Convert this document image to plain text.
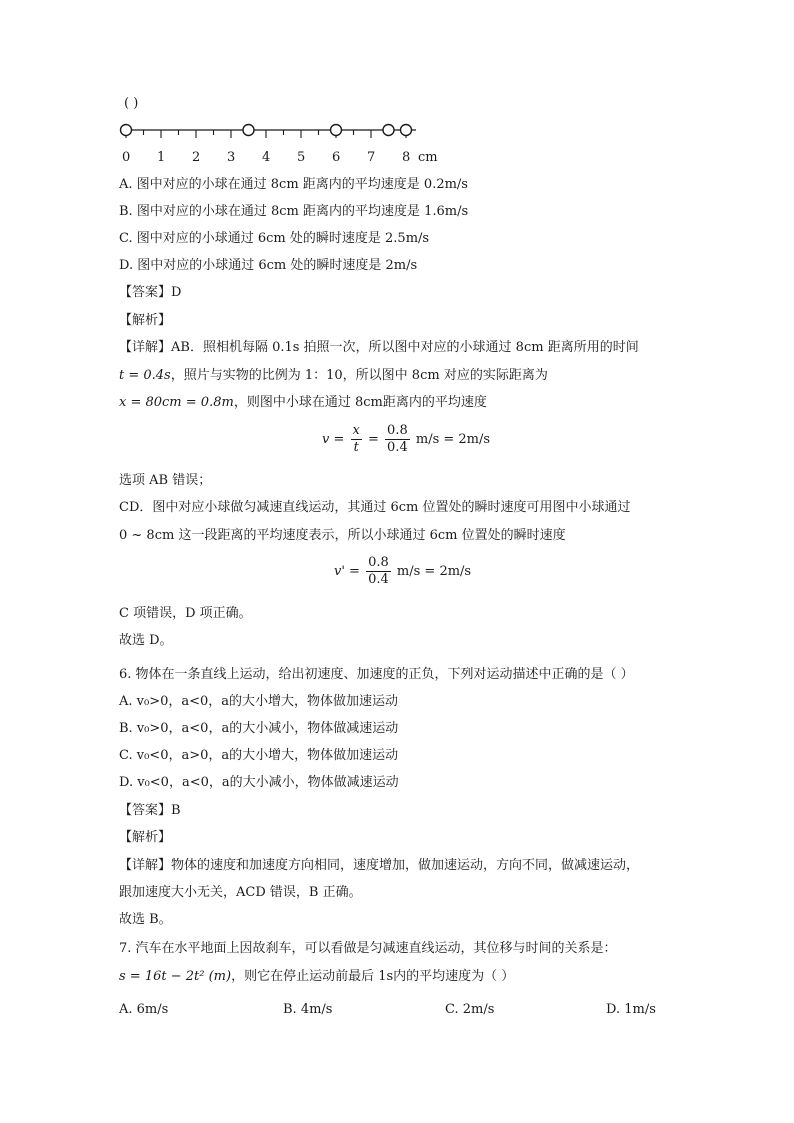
( )
0 1 2 3 4 5 6 7 8 cm
A. 图中对应的小球在通过 8cm 距离内的平均速度是 0.2m/s
B. 图中对应的小球在通过 8cm 距离内的平均速度是 1.6m/s
C. 图中对应的小球通过 6cm 处的瞬时速度是 2.5m/s
D. 图中对应的小球通过 6cm 处的瞬时速度是 2m/s
【答案】D
【解析】
【详解】AB．照相机每隔 0.1s 拍照一次，所以图中对应的小球通过 8cm 距离所用的时间
t = 0.4s，照片与实物的比例为 1：10，所以图中 8cm 对应的实际距离为
x = 80cm = 0.8m，则图中小球在通过 8cm距离内的平均速度
$v = \frac{x}{t} = \frac{0.8}{0.4} m/s = 2m/s$
选项 AB 错误；
CD．图中对应小球做匀减速直线运动，其通过 6cm 位置处的瞬时速度可用图中小球通过
0 ~ 8cm 这一段距离的平均速度表示，所以小球通过 6cm 位置处的瞬时速度
$v' = \frac{0.8}{0.4} m/s = 2m/s$
C 项错误，D 项正确。
故选 D。
6. 物体在一条直线上运动，给出初速度、加速度的正负，下列对运动描述中正确的是（ ）
A. v₀>0，a<0，a的大小增大，物体做加速运动
B. v₀>0，a<0，a的大小减小，物体做减速运动
C. v₀<0，a>0，a的大小增大，物体做加速运动
D. v₀<0，a<0，a的大小减小，物体做减速运动
【答案】B
【解析】
【详解】物体的速度和加速度方向相同，速度增加，做加速运动，方向不同，做减速运动，
跟加速度大小无关，ACD 错误，B 正确。
故选 B。
7. 汽车在水平地面上因故刹车，可以看做是匀减速直线运动，其位移与时间的关系是：
s = 16t − 2t² (m)，则它在停止运动前最后 1s内的平均速度为（ ）
A. 6m/s	B. 4m/s	C. 2m/s	D. 1m/s
